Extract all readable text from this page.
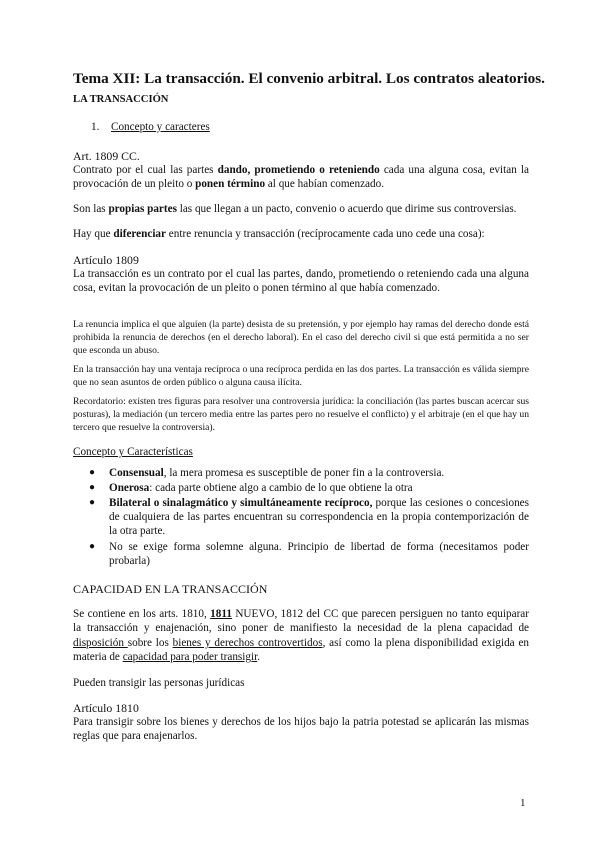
Tema XII: La transacción. El convenio arbitral. Los contratos aleatorios.

LA TRANSACCIÓN

1.	Concepto y caracteres

Art. 1809 CC.

Contrato por el cual las partes dando, prometiendo o reteniendo cada una alguna cosa, evitan la provocación de un pleito o ponen término al que habían comenzado.

Son las propias partes las que llegan a un pacto, convenio o acuerdo que dirime sus controversias.

Hay que diferenciar entre renuncia y transacción (recíprocamente cada uno cede una cosa):

Artículo 1809

La transacción es un contrato por el cual las partes, dando, prometiendo o reteniendo cada una alguna cosa, evitan la provocación de un pleito o ponen término al que había comenzado.

La renuncia implica el que alguien (la parte) desista de su pretensión, y por ejemplo hay ramas del derecho donde está prohibida la renuncia de derechos (en el derecho laboral). En el caso del derecho civil si que está permitida a no ser que esconda un abuso.

En la transacción hay una ventaja recíproca o una recíproca perdida en las dos partes. La transacción es válida siempre que no sean asuntos de orden público o alguna causa ilícita.

Recordatorio: existen tres figuras para resolver una controversia jurídica: la conciliación (las partes buscan acercar sus posturas), la mediación (un tercero media entre las partes pero no resuelve el conflicto) y el arbitraje (en el que hay un tercero que resuelve la controversia).

Concepto y Características

●	Consensual, la mera promesa es susceptible de poner fin a la controversia.
●	Onerosa: cada parte obtiene algo a cambio de lo que obtiene la otra
●	Bilateral o sinalagmático y simultáneamente recíproco, porque las cesiones o concesiones de cualquiera de las partes encuentran su correspondencia en la propia contemporización de la otra parte.
●	No se exige forma solemne alguna. Principio de libertad de forma (necesitamos poder probarla)

CAPACIDAD EN LA TRANSACCIÓN

Se contiene en los arts. 1810, 1811 NUEVO, 1812 del CC que parecen persiguen no tanto equiparar la transacción y enajenación, sino poner de manifiesto la necesidad de la plena capacidad de disposición sobre los bienes y derechos controvertidos, así como la plena disponibilidad exigida en materia de capacidad para poder transigir.

Pueden transigir las personas jurídicas

Artículo 1810

Para transigir sobre los bienes y derechos de los hijos bajo la patria potestad se aplicarán las mismas reglas que para enajenarlos.

1
